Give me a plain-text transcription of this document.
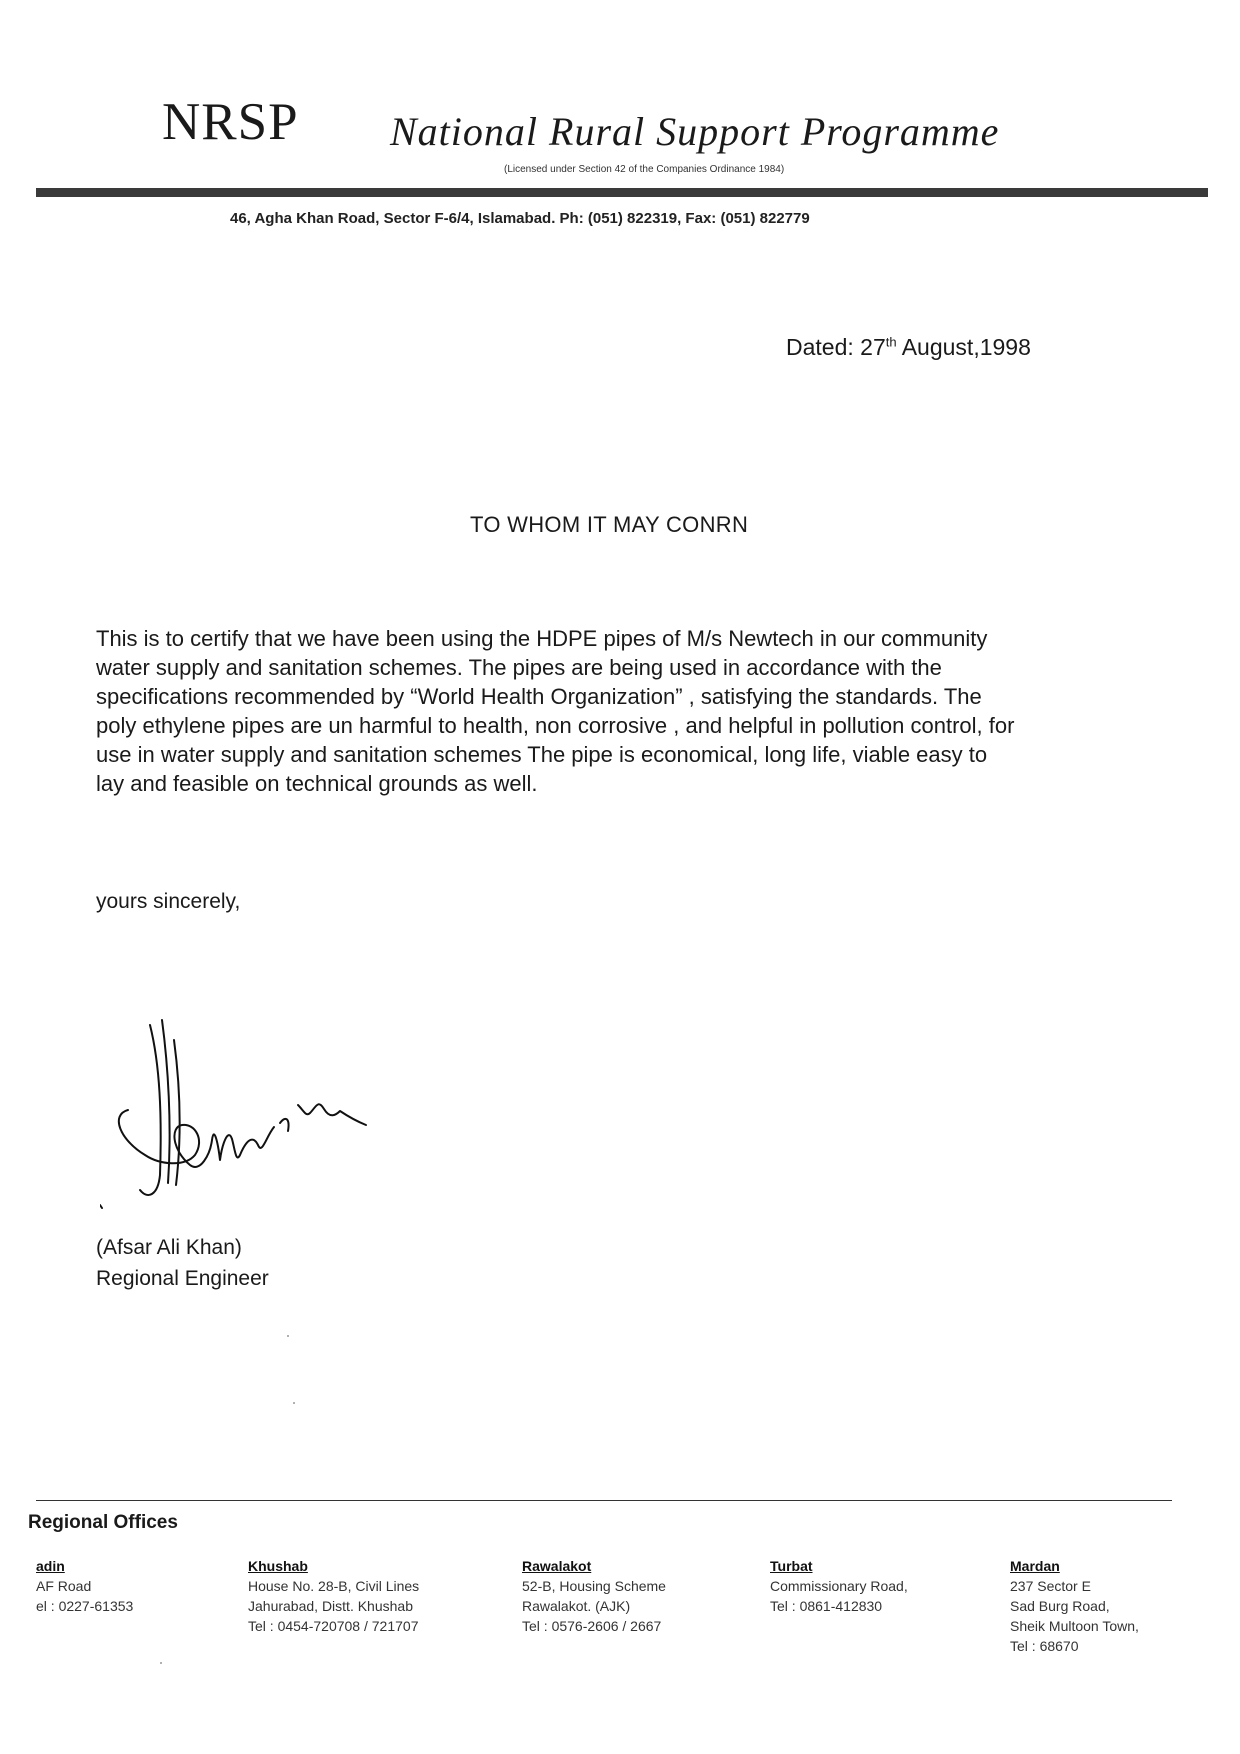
NRSP National Rural Support Programme
(Licensed under Section 42 of the Companies Ordinance 1984)
46, Agha Khan Road, Sector F-6/4, Islamabad. Ph: (051) 822319, Fax: (051) 822779
Dated: 27th August,1998
TO WHOM IT MAY CONRN

This is to certify that we have been using the HDPE pipes of M/s Newtech in our community

water supply and sanitation schemes. The pipes are being used in accordance with the

specifications recommended by “World Health Organization” , satisfying the standards. The

poly ethylene pipes are un harmful to health, non corrosive , and helpful in pollution control, for

use in water supply and sanitation schemes The pipe is economical, long life, viable easy to

lay and feasible on technical grounds as well.

yours sincerely,
(Afsar Ali Khan)
Regional Engineer
Regional Offices
adin
AF Road
el : 0227-61353
Khushab
House No. 28-B, Civil Lines
Jahurabad, Distt. Khushab
Tel : 0454-720708 / 721707
Rawalakot
52-B, Housing Scheme
Rawalakot. (AJK)
Tel : 0576-2606 / 2667
Turbat
Commissionary Road,
Tel : 0861-412830
Mardan
237 Sector E
Sad Burg Road,
Sheik Multoon Town,
Tel : 68670
